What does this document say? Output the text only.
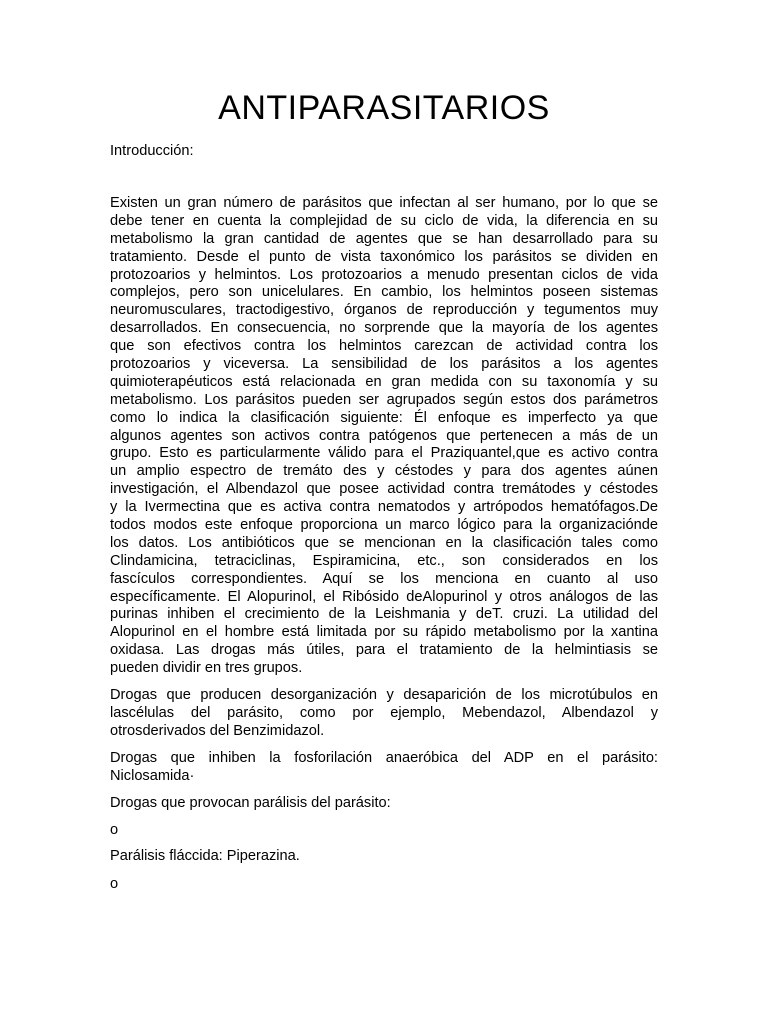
ANTIPARASITARIOS

Introducción:

Existen un gran número de parásitos que infectan al ser humano, por lo que se
debe tener en cuenta la complejidad de su ciclo de vida, la diferencia en su
metabolismo la gran cantidad de agentes que se han desarrollado para su
tratamiento. Desde el punto de vista taxonómico los parásitos se dividen en
protozoarios y helmintos. Los protozoarios a menudo presentan ciclos de vida
complejos, pero son unicelulares. En cambio, los helmintos poseen sistemas
neuromusculares, tractodigestivo, órganos de reproducción y tegumentos muy
desarrollados. En consecuencia, no sorprende que la mayoría de los agentes
que son efectivos contra los helmintos carezcan de actividad contra los
protozoarios y viceversa. La sensibilidad de los parásitos a los agentes
quimioterapéuticos está relacionada en gran medida con su taxonomía y su
metabolismo. Los parásitos pueden ser agrupados según estos dos parámetros
como lo indica la clasificación siguiente: Él enfoque es imperfecto ya que
algunos agentes son activos contra patógenos que pertenecen a más de un
grupo. Esto es particularmente válido para el Praziquantel,que es activo contra
un amplio espectro de tremáto des y céstodes y para dos agentes aúnen
investigación, el Albendazol que posee actividad contra tremátodes y céstodes
y la Ivermectina que es activa contra nematodos y artrópodos hematófagos.De
todos modos este enfoque proporciona un marco lógico para la organizaciónde
los datos. Los antibióticos que se mencionan en la clasificación tales como
Clindamicina, tetraciclinas, Espiramicina, etc., son considerados en los
fascículos correspondientes. Aquí se los menciona en cuanto al uso
específicamente. El Alopurinol, el Ribósido deAlopurinol y otros análogos de las
purinas inhiben el crecimiento de la Leishmania y deT. cruzi. La utilidad del
Alopurinol en el hombre está limitada por su rápido metabolismo por la xantina
oxidasa. Las drogas más útiles, para el tratamiento de la helmintiasis se
pueden dividir en tres grupos.
Drogas que producen desorganización y desaparición de los microtúbulos en
lascélulas del parásito, como por ejemplo, Mebendazol, Albendazol y
otrosderivados del Benzimidazol.
Drogas que inhiben la fosforilación anaeróbica del ADP en el parásito:
Niclosamida·

Drogas que provocan parálisis del parásito:

o

Parálisis fláccida: Piperazina.

o
